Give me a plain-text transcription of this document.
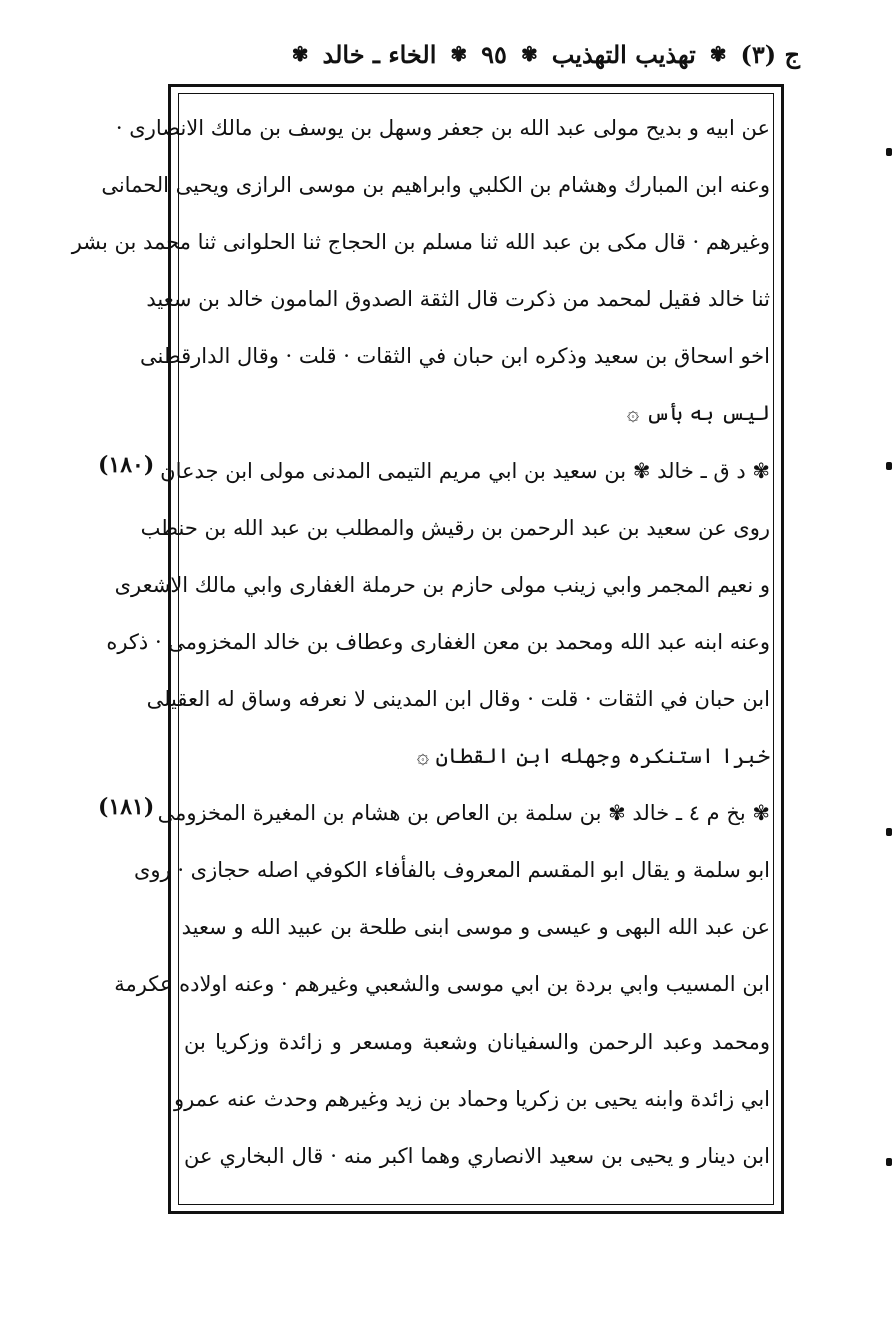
ج (٣)
✾
تهذيب التهذيب
✾
٩٥
✾
الخاء ـ خالد
✾
(١٨٠)
(١٨١)
عن ابيه و بديح مولى عبد الله بن جعفر وسهل بن يوسف بن مالك الانصارى ·
وعنه ابن المبارك وهشام بن الكلبي وابراهيم بن موسى الرازى ويحيى الحمانى
وغيرهم · قال مكى بن عبد الله ثنا مسلم بن الحجاج ثنا الحلوانى ثنا محمد بن بشر
ثنا خالد فقيل لمحمد من ذكرت قال الثقة الصدوق المامون خالد بن سعيد
اخو اسحاق بن سعيد وذكره ابن حبان في الثقات · قلت · وقال الدارقطنى
ليس به بأس ۞
✾ د ق ـ خالد ✾ بن سعيد بن ابي مريم التيمى المدنى مولى ابن جدعان
روى عن سعيد بن عبد الرحمن بن رقيش والمطلب بن عبد الله بن حنطب
و نعيم المجمر وابي زينب مولى حازم بن حرملة الغفارى وابي مالك الاشعرى
وعنه ابنه عبد الله ومحمد بن معن الغفارى وعطاف بن خالد المخزومى · ذكره
ابن حبان في الثقات · قلت · وقال ابن المدينى لا نعرفه وساق له العقيلى
خبرا استنكره وجهله ابن القطان ۞
✾ بخ م ٤ ـ خالد ✾ بن سلمة بن العاص بن هشام بن المغيرة المخزومى
ابو سلمة و يقال ابو المقسم المعروف بالفأفاء الكوفي اصله حجازى · روى
عن عبد الله البهى و عيسى و موسى ابنى طلحة بن عبيد الله و سعيد
ابن المسيب وابي بردة بن ابي موسى والشعبي وغيرهم · وعنه اولاده عكرمة
ومحمد وعبد الرحمن والسفيانان وشعبة ومسعر و زائدة وزكريا بن
ابي زائدة وابنه يحيى بن زكريا وحماد بن زيد وغيرهم وحدث عنه عمرو
ابن دينار و يحيى بن سعيد الانصاري وهما اكبر منه · قال البخاري عن
